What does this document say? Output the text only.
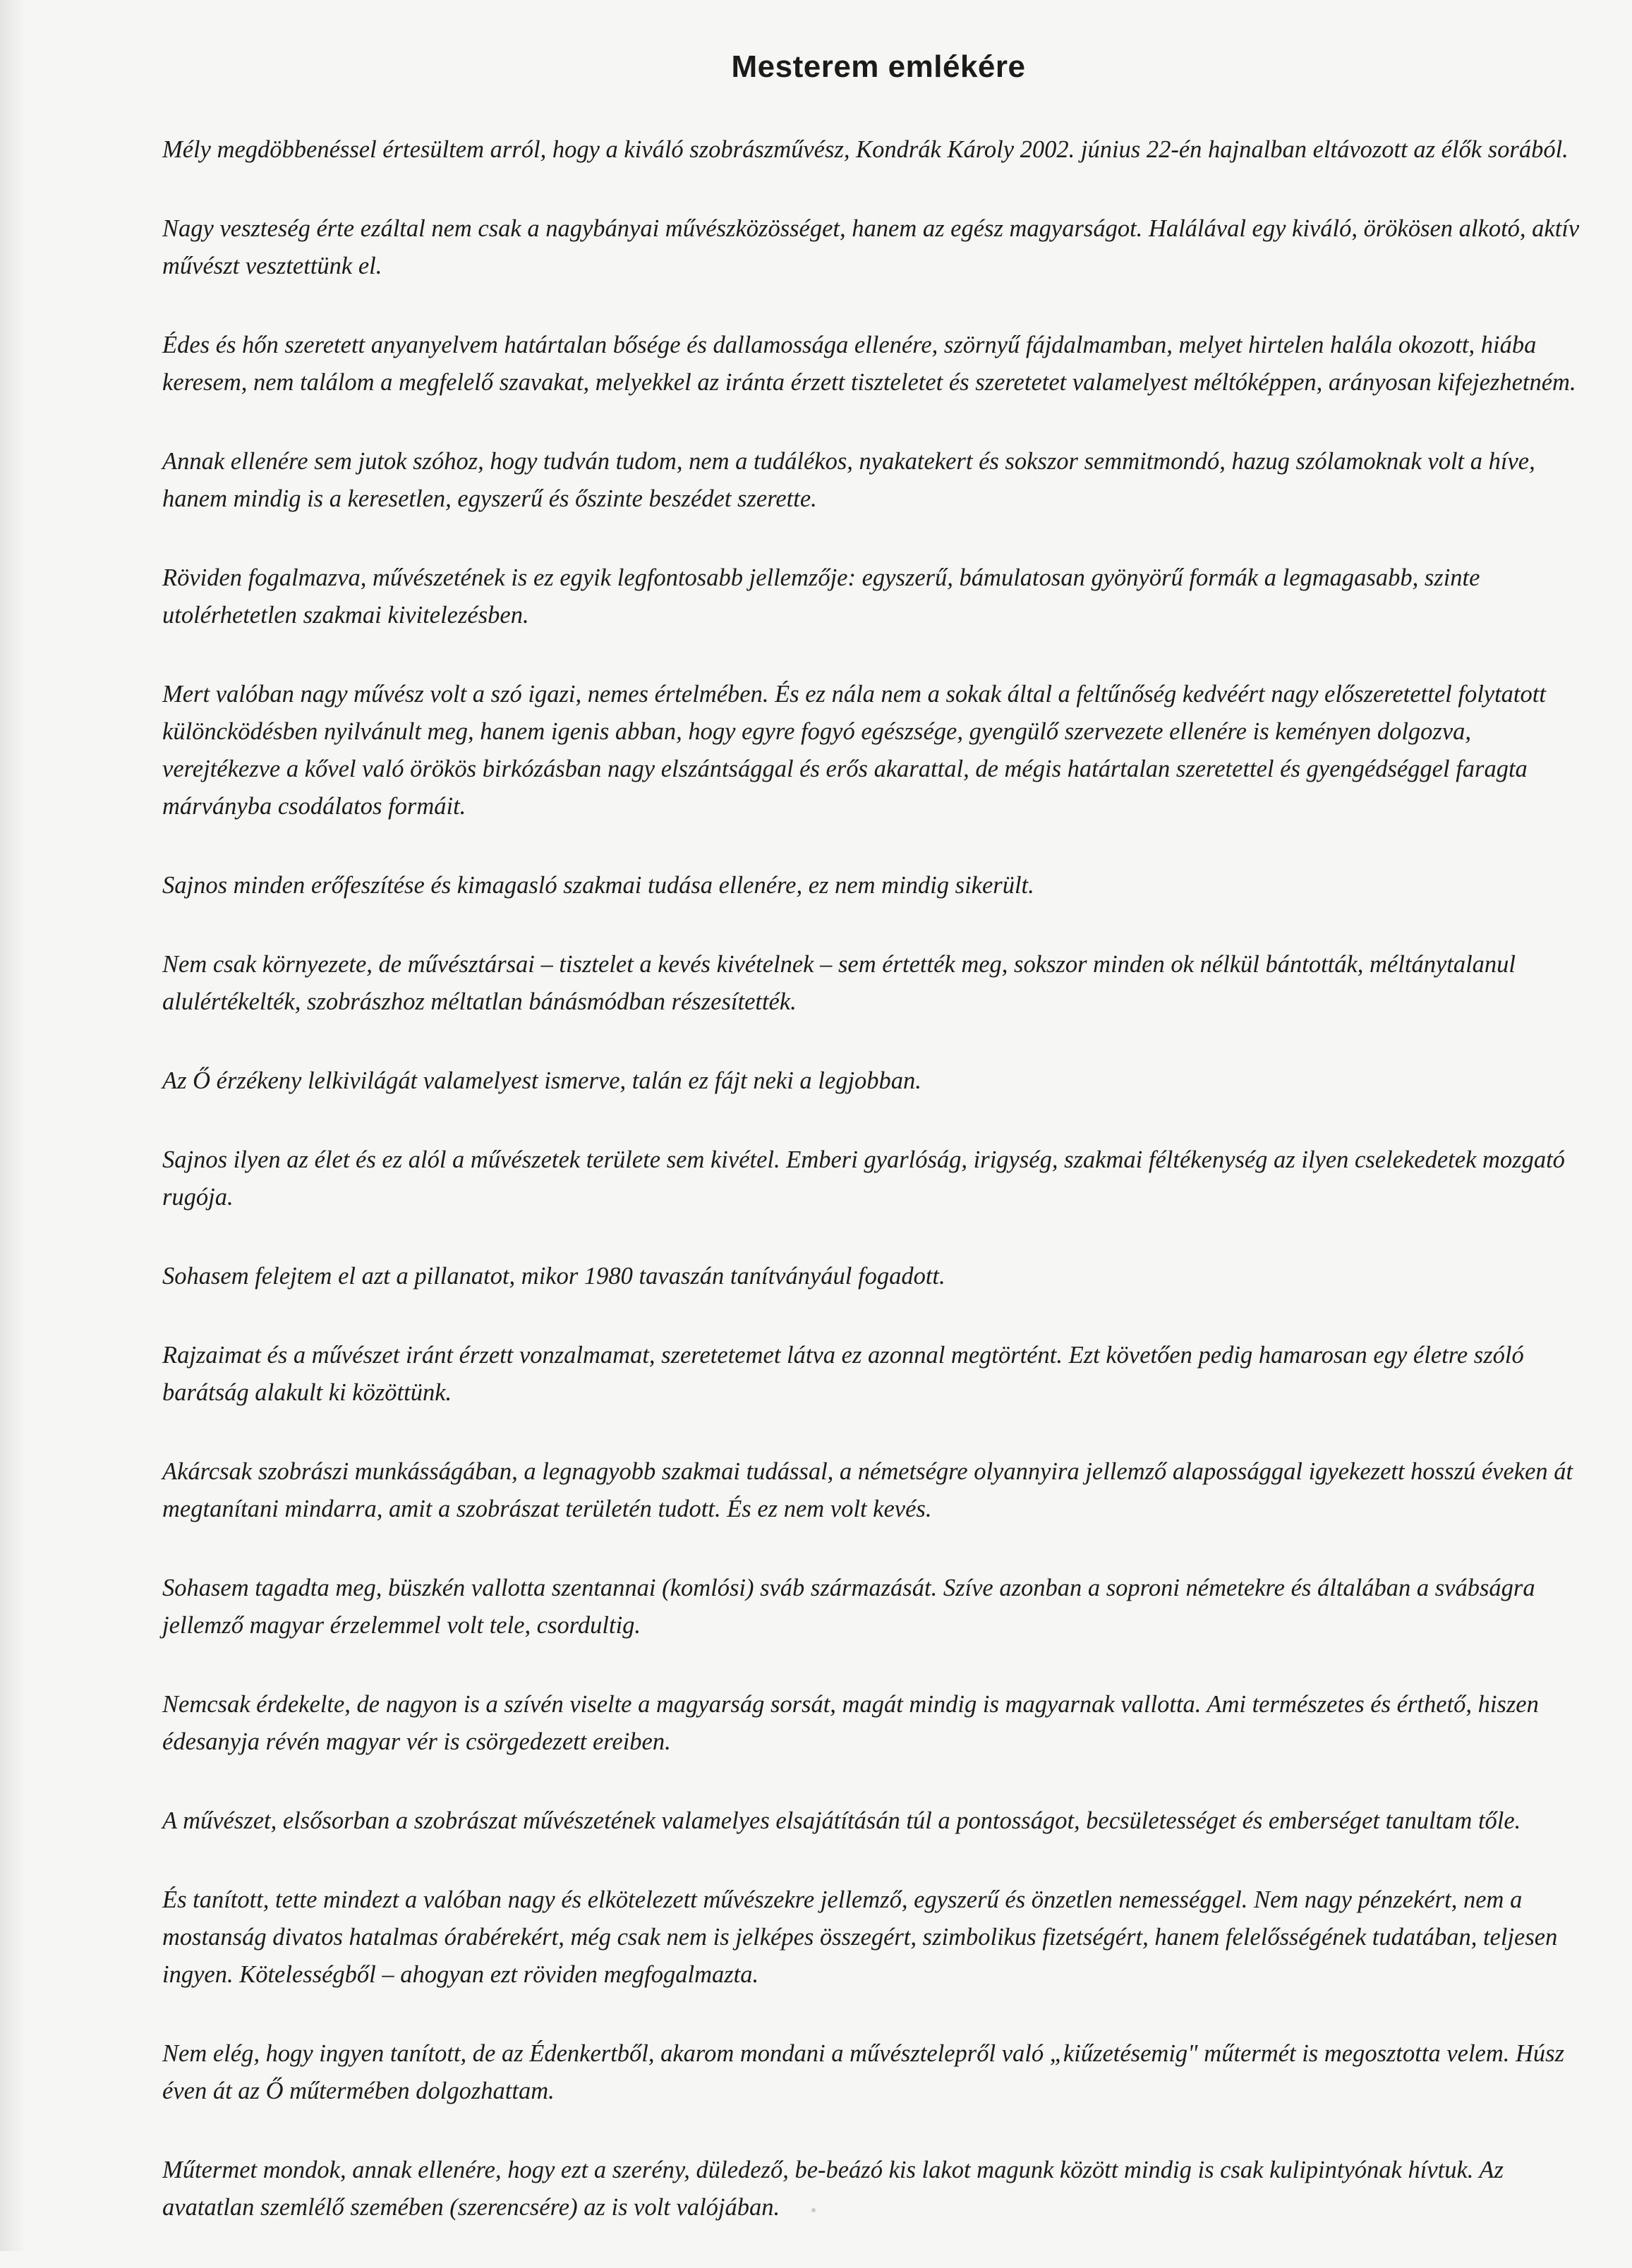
Mesterem emlékére

Mély megdöbbenéssel értesültem arról, hogy a kiváló szobrászművész, Kondrák Károly 2002. június 22-én hajnalban eltávozott az élők sorából.

Nagy veszteség érte ezáltal nem csak a nagybányai művészközösséget, hanem az egész magyarságot. Halálával egy kiváló, örökösen alkotó, aktív művészt vesztettünk el.

Édes és hőn szeretett anyanyelvem határtalan bősége és dallamossága ellenére, szörnyű fájdalmamban, melyet hirtelen halála okozott, hiába keresem, nem találom a megfelelő szavakat, melyekkel az iránta érzett tiszteletet és szeretetet valamelyest méltóképpen, arányosan kifejezhetném.

Annak ellenére sem jutok szóhoz, hogy tudván tudom, nem a tudálékos, nyakatekert és sokszor semmitmondó, hazug szólamoknak volt a híve, hanem mindig is a keresetlen, egyszerű és őszinte beszédet szerette.

Röviden fogalmazva, művészetének is ez egyik legfontosabb jellemzője: egyszerű, bámulatosan gyönyörű formák a legmagasabb, szinte utolérhetetlen szakmai kivitelezésben.

Mert valóban nagy művész volt a szó igazi, nemes értelmében. És ez nála nem a sokak által a feltűnőség kedvéért nagy előszeretettel folytatott különcködésben nyilvánult meg, hanem igenis abban, hogy egyre fogyó egészsége, gyengülő szervezete ellenére is keményen dolgozva, verejtékezve a kővel való örökös birkózásban nagy elszántsággal és erős akarattal, de mégis határtalan szeretettel és gyengédséggel faragta márványba csodálatos formáit.

Sajnos minden erőfeszítése és kimagasló szakmai tudása ellenére, ez nem mindig sikerült.

Nem csak környezete, de művésztársai – tisztelet a kevés kivételnek – sem értették meg, sokszor minden ok nélkül bántották, méltánytalanul alulértékelték, szobrászhoz méltatlan bánásmódban részesítették.

Az Ő érzékeny lelkivilágát valamelyest ismerve, talán ez fájt neki a legjobban.

Sajnos ilyen az élet és ez alól a művészetek területe sem kivétel. Emberi gyarlóság, irigység, szakmai féltékenység az ilyen cselekedetek mozgató rugója.

Sohasem felejtem el azt a pillanatot, mikor 1980 tavaszán tanítványául fogadott.

Rajzaimat és a művészet iránt érzett vonzalmamat, szeretetemet látva ez azonnal megtörtént. Ezt követően pedig hamarosan egy életre szóló barátság alakult ki közöttünk.

Akárcsak szobrászi munkásságában, a legnagyobb szakmai tudással, a németségre olyannyira jellemző alapossággal igyekezett hosszú éveken át megtanítani mindarra, amit a szobrászat területén tudott. És ez nem volt kevés.

Sohasem tagadta meg, büszkén vallotta szentannai (komlósi) sváb származását. Szíve azonban a soproni németekre és általában a svábságra jellemző magyar érzelemmel volt tele, csordultig.

Nemcsak érdekelte, de nagyon is a szívén viselte a magyarság sorsát, magát mindig is magyarnak vallotta. Ami természetes és érthető, hiszen édesanyja révén magyar vér is csörgedezett ereiben.

A művészet, elsősorban a szobrászat művészetének valamelyes elsajátításán túl a pontosságot, becsületességet és emberséget tanultam tőle.

És tanított, tette mindezt a valóban nagy és elkötelezett művészekre jellemző, egyszerű és önzetlen nemességgel. Nem nagy pénzekért, nem a mostanság divatos hatalmas órabérekért, még csak nem is jelképes összegért, szimbolikus fizetségért, hanem felelősségének tudatában, teljesen ingyen. Kötelességből – ahogyan ezt röviden megfogalmazta.

Nem elég, hogy ingyen tanított, de az Édenkertből, akarom mondani a művésztelepről való „kiűzetésemig" műtermét is megosztotta velem. Húsz éven át az Ő műtermében dolgozhattam.

Műtermet mondok, annak ellenére, hogy ezt a szerény, düledező, be-beázó kis lakot magunk között mindig is csak kulipintyónak hívtuk. Az avatatlan szemlélő szemében (szerencsére) az is volt valójában.
